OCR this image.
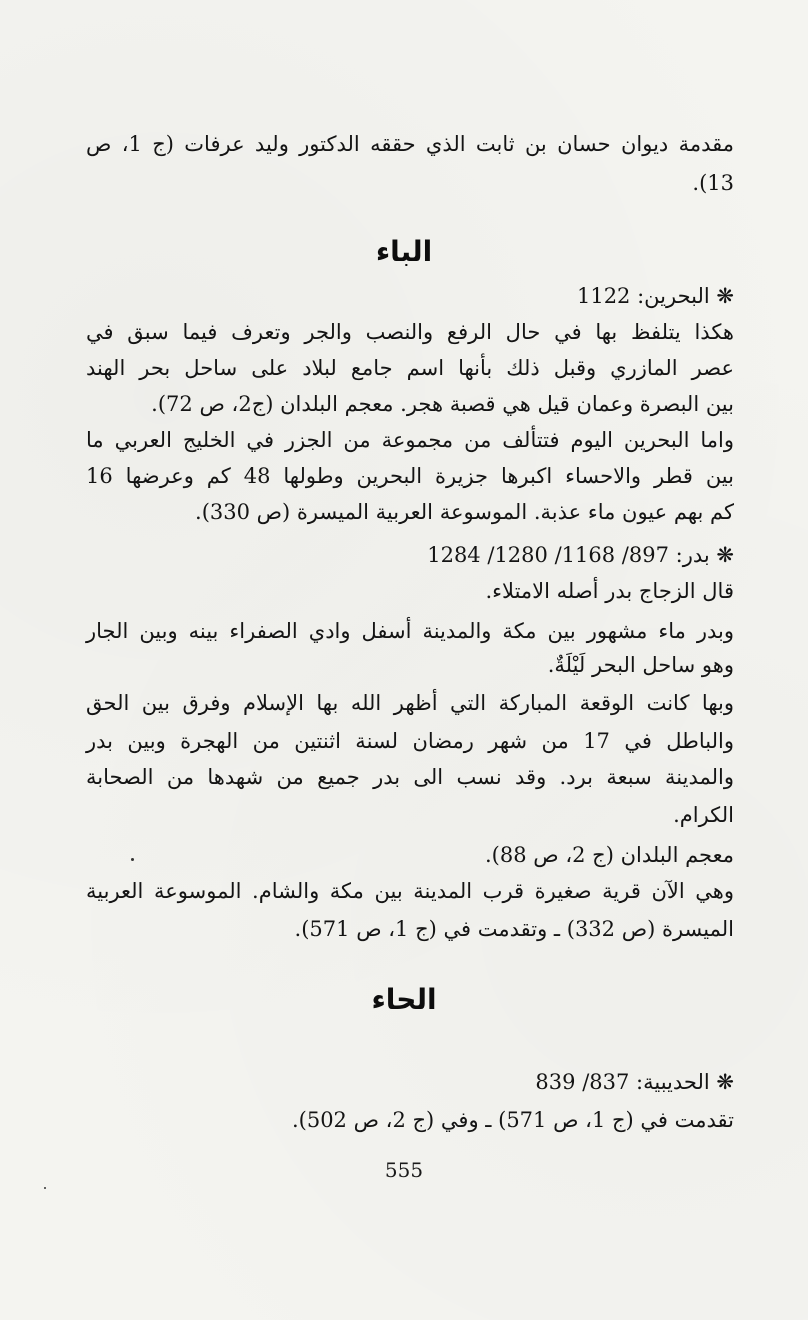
مقدمة ديوان حسان بن ثابت الذي حققه الدكتور وليد عرفات (ج 1، ص
13).
الباء
❋ البحرين: 1122
هكذا يتلفظ بها في حال الرفع والنصب والجر وتعرف فيما سبق في
عصر المازري وقبل ذلك بأنها اسم جامع لبلاد على ساحل بحر الهند
بين البصرة وعمان قيل هي قصبة هجر. معجم البلدان (ج2، ص 72).
واما البحرين اليوم فتتألف من مجموعة من الجزر في الخليج العربي ما
بين قطر والاحساء اكبرها جزيرة البحرين وطولها 48 كم وعرضها 16
كم بهم عيون ماء عذبة. الموسوعة العربية الميسرة (ص 330).
❋ بدر: 897/ 1168/ 1280/ 1284
قال الزجاج بدر أصله الامتلاء.
وبدر ماء مشهور بين مكة والمدينة أسفل وادي الصفراء بينه وبين الجار
وهو ساحل البحر لَيْلَةٌ.
وبها كانت الوقعة المباركة التي أظهر الله بها الإسلام وفرق بين الحق
والباطل في 17 من شهر رمضان لسنة اثنتين من الهجرة وبين بدر
والمدينة سبعة برد. وقد نسب الى بدر جميع من شهدها من الصحابة
الكرام.
معجم البلدان (ج 2، ص 88).
وهي الآن قرية صغيرة قرب المدينة بين مكة والشام. الموسوعة العربية
الميسرة (ص 332) ـ وتقدمت في (ج 1، ص 571).
الحاء
❋ الحديبية: 837/ 839
تقدمت في (ج 1، ص 571) ـ وفي (ج 2، ص 502).
555
